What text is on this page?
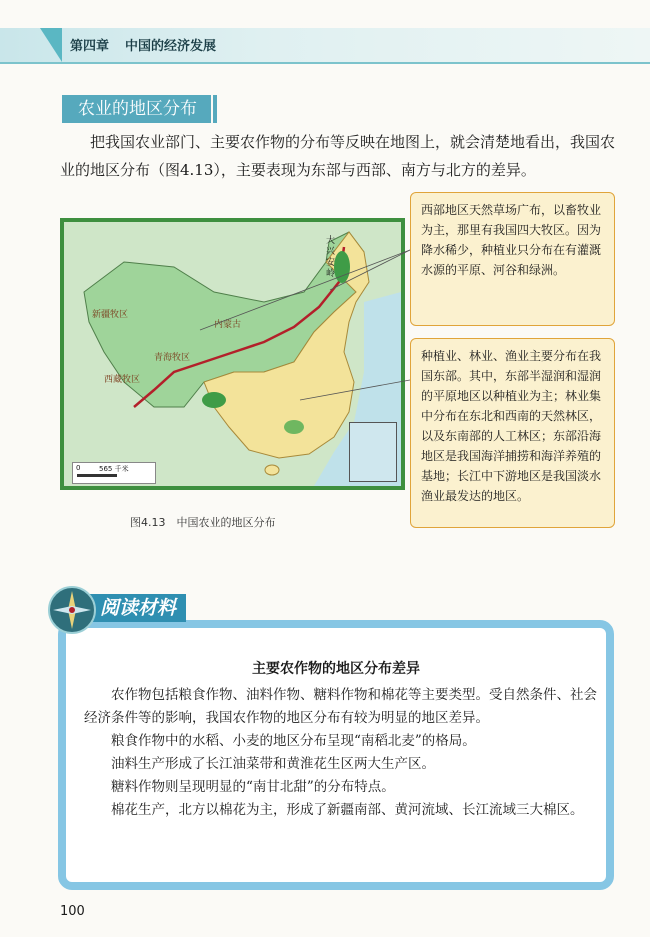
第四章 中国的经济发展
农业的地区分布
把我国农业部门、主要农作物的分布等反映在地图上，就会清楚地看出，我国农业的地区分布（图4.13），主要表现为东部与西部、南方与北方的差异。
新疆牧区
内蒙古
青海牧区
西藏牧区
大兴安岭
0	565 千米
图4.13　中国农业的地区分布
西部地区天然草场广布，以畜牧业为主，那里有我国四大牧区。因为降水稀少，种植业只分布在有灌溉水源的平原、河谷和绿洲。
种植业、林业、渔业主要分布在我国东部。其中，东部半湿润和湿润的平原地区以种植业为主；林业集中分布在东北和西南的天然林区，以及东南部的人工林区；东部沿海地区是我国海洋捕捞和海洋养殖的基地；长江中下游地区是我国淡水渔业最发达的地区。
主要农作物的地区分布差异

农作物包括粮食作物、油料作物、糖料作物和棉花等主要类型。受自然条件、社会经济条件等的影响，我国农作物的地区分布有较为明显的地区差异。

粮食作物中的水稻、小麦的地区分布呈现“南稻北麦”的格局。

油料生产形成了长江油菜带和黄淮花生区两大生产区。

糖料作物则呈现明显的“南甘北甜”的分布特点。

棉花生产，北方以棉花为主，形成了新疆南部、黄河流域、长江流域三大棉区。

阅读材料
100
